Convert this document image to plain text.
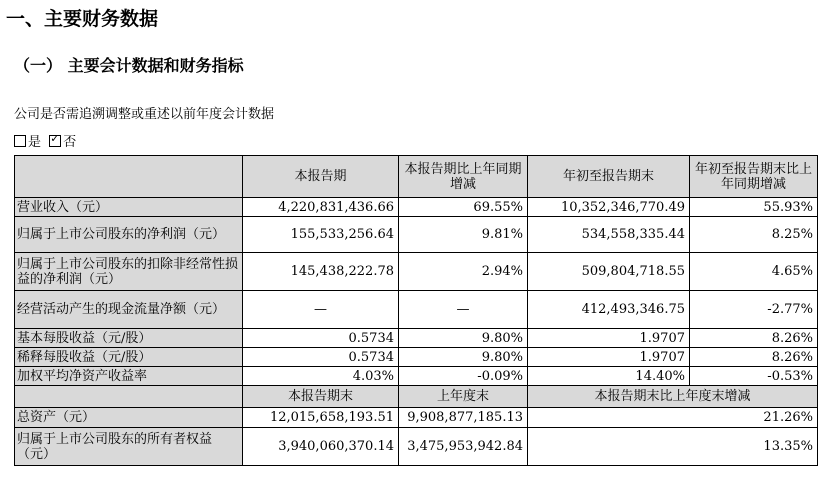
一、主要财务数据
（一） 主要会计数据和财务指标
公司是否需追溯调整或重述以前年度会计数据
是 ✓ 否
	本报告期	本报告期比上年同期增减	年初至报告期末	年初至报告期末比上年同期增减
营业收入（元）	4,220,831,436.66	69.55%	10,352,346,770.49	55.93%
归属于上市公司股东的净利润（元）	155,533,256.64	9.81%	534,558,335.44	8.25%
归属于上市公司股东的扣除非经常性损益的净利润（元）	145,438,222.78	2.94%	509,804,718.55	4.65%
经营活动产生的现金流量净额（元）	—	—	412,493,346.75	-2.77%
基本每股收益（元/股）	0.5734	9.80%	1.9707	8.26%
稀释每股收益（元/股）	0.5734	9.80%	1.9707	8.26%
加权平均净资产收益率	4.03%	-0.09%	14.40%	-0.53%
	本报告期末	上年度末	本报告期末比上年度末增减	
总资产（元）	12,015,658,193.51	9,908,877,185.13	21.26%	
归属于上市公司股东的所有者权益（元）	3,940,060,370.14	3,475,953,942.84	13.35%	
